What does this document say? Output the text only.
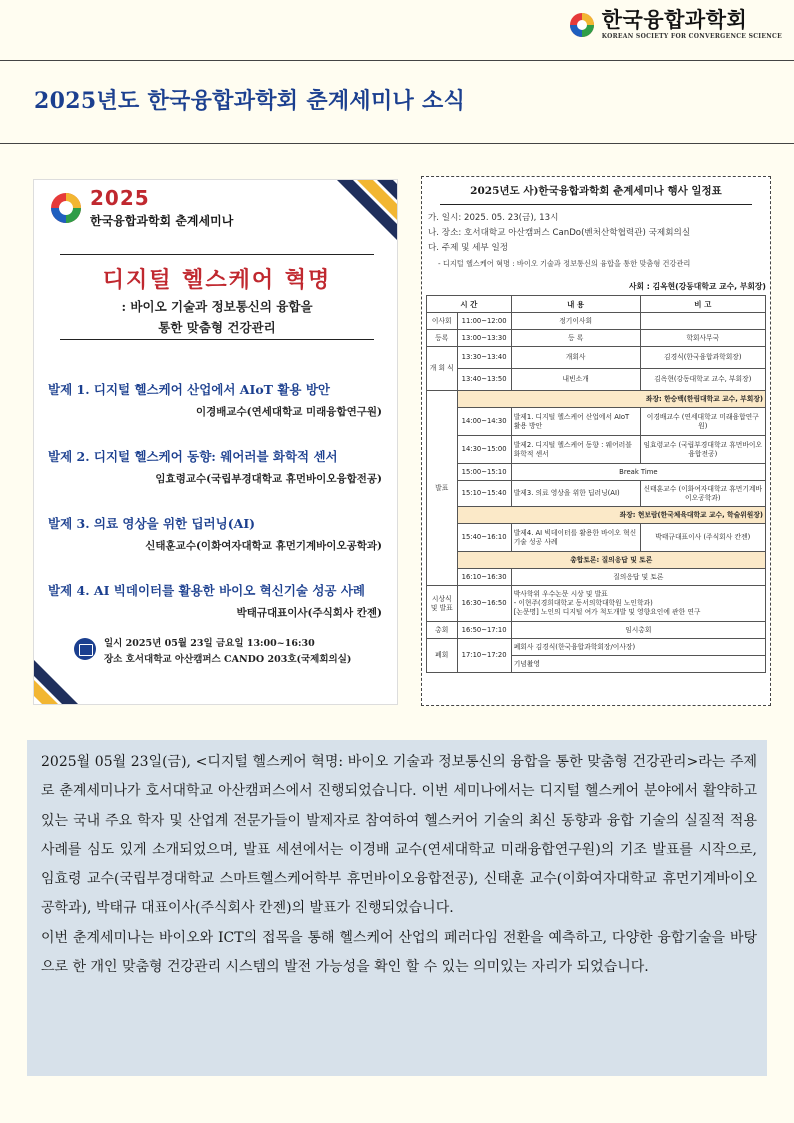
한국융합과학회
KOREAN SOCIETY FOR CONVERGENCE SCIENCE
2025년도 한국융합과학회 춘계세미나 소식
2025
한국융합과학회 춘계세미나
디지털 헬스케어 혁명
: 바이오 기술과 정보통신의 융합을
통한 맞춤형 건강관리
발제 1. 디지털 헬스케어 산업에서 AIoT 활용 방안
이경배교수(연세대학교 미래융합연구원)
발제 2. 디지털 헬스케어 동향: 웨어러블 화학적 센서
임효령교수(국립부경대학교 휴먼바이오융합전공)
발제 3. 의료 영상을 위한 딥러닝(AI)
신태훈교수(이화여자대학교 휴먼기계바이오공학과)
발제 4. AI 빅데이터를 활용한 바이오 혁신기술 성공 사례
박태규대표이사(주식회사 칸젠)
일시 2025년 05월 23일 금요일 13:00~16:30
장소 호서대학교 아산캠퍼스 CANDO 203호(국제회의실)
2025년도 사)한국융합과학회 춘계세미나 행사 일정표
가. 일시: 2025. 05. 23(금), 13시
나. 장소: 호서대학교 아산캠퍼스 CanDo(벤처산학협력관) 국제회의실
다. 주제 및 세부 일정
- 디지털 헬스케어 혁명 : 바이오 기술과 정보통신의 융합을 통한 맞춤형 건강관리
사회 : 김옥현(강동대학교 교수, 부회장)
시 간		내 용	비 고
이사회	11:00~12:00	정기이사회	
등록	13:00~13:30	등 록	학회사무국
개 회 식	13:30~13:40	개회사	김경식(한국융합과학회장)
	13:40~13:50	내빈소개	김옥현(강동대학교 교수, 부회장)
발표	좌장: 한승백(한림대학교 교수, 부회장)		
	14:00~14:30	발제1. 디지털 헬스케어 산업에서 AIoT 활용 방안	이경배교수 (연세대학교 미래융합연구원)
	14:30~15:00	발제2. 디지털 헬스케어 동향 : 웨어러블 화학적 센서	임효령교수 (국립부경대학교 휴먼바이오융합전공)
	15:00~15:10	Break Time	
	15:10~15:40	발제3. 의료 영상을 위한 딥러닝(AI)	신태훈교수 (이화여자대학교 휴먼기계바이오공학과)
	좌장: 현보람(한국체육대학교 교수, 학술위원장)		
	15:40~16:10	발제4. AI 빅데이터를 활용한 바이오 혁신기술 성공 사례	박태규대표이사 (주식회사 칸젠)
	총합토론: 질의응답 및 토론		
	16:10~16:30	질의응답 및 토론	
시상식 및 발표	16:30~16:50	박사학위 우수논문 시상 및 발표
- 이현주(경희대학교 동서의학대학원 노인학과)
[논문명] 노인의 디지털 여가 척도개발 및 영향요인에 관한 연구	

총회	16:50~17:10	임시총회	
폐회	17:10~17:20	폐회사 김경식(한국융합과학회장/이사장)	
		기념촬영	

2025월 05월 23일(금), <디지털 헬스케어 혁명: 바이오 기술과 정보통신의 융합을 통한 맞춤형 건강관리>라는 주제로 춘계세미나가 호서대학교 아산캠퍼스에서 진행되었습니다. 이번 세미나에서는 디지털 헬스케어 분야에서 활약하고 있는 국내 주요 학자 및 산업계 전문가들이 발제자로 참여하여 헬스커어 기술의 최신 동향과 융합 기술의 실질적 적용 사례를 심도 있게 소개되었으며, 발표 세션에서는 이경배 교수(연세대학교 미래융합연구원)의 기조 발표를 시작으로, 임효령 교수(국립부경대학교 스마트헬스케어학부 휴먼바이오융합전공), 신태훈 교수(이화여자대학교 휴먼기계바이오공학과), 박태규 대표이사(주식회사 칸젠)의 발표가 진행되었습니다.

이번 춘계세미나는 바이오와 ICT의 접목을 통해 헬스케어 산업의 페러다임 전환을 예측하고, 다양한 융합기술을 바탕으로 한 개인 맞춤형 건강관리 시스템의 발전 가능성을 확인 할 수 있는 의미있는 자리가 되었습니다.
